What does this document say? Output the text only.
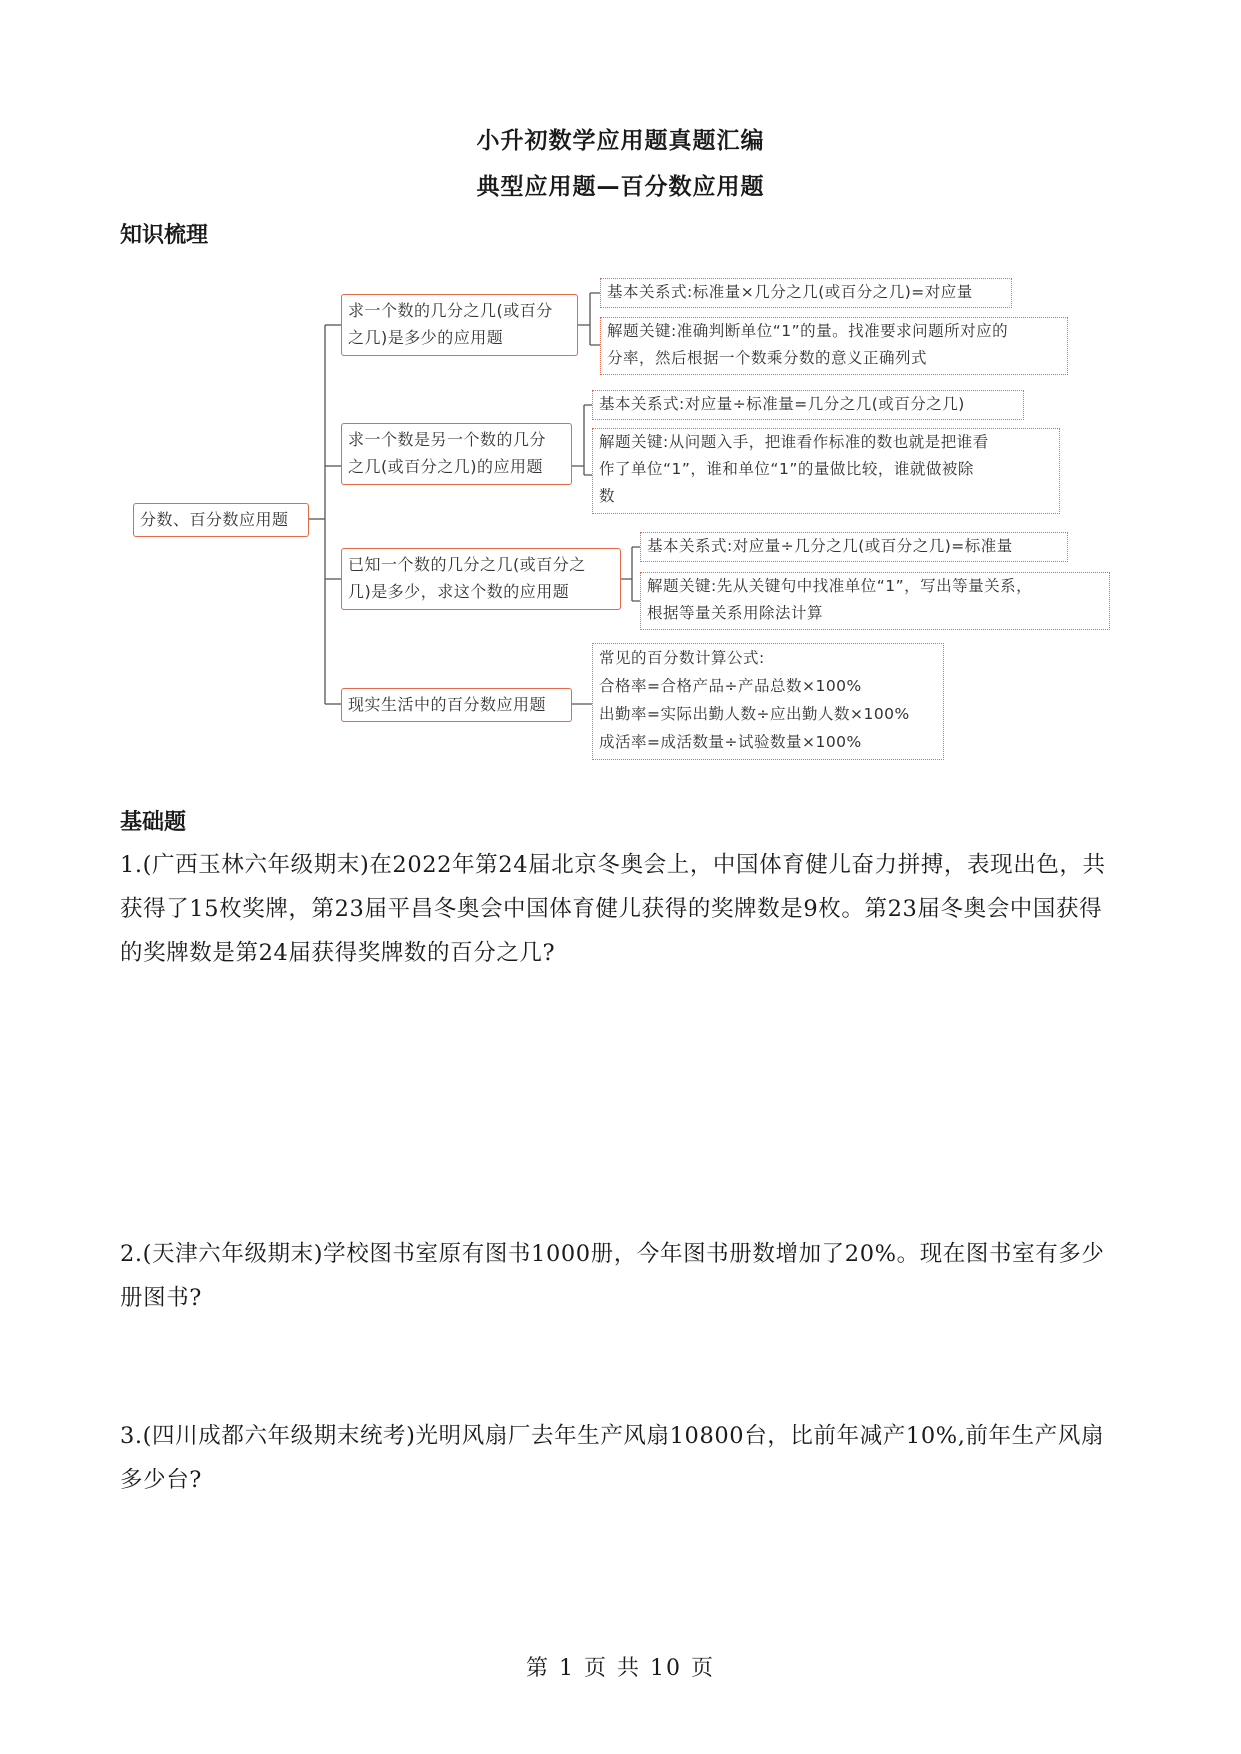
小升初数学应用题真题汇编
典型应用题—百分数应用题
知识梳理
分数、百分数应用题
求一个数的几分之几(或百分
之几)是多少的应用题
基本关系式:标准量×几分之几(或百分之几)=对应量
解题关键:准确判断单位“1”的量。找准要求问题所对应的
分率，然后根据一个数乘分数的意义正确列式
求一个数是另一个数的几分
之几(或百分之几)的应用题
基本关系式:对应量÷标准量=几分之几(或百分之几)
解题关键:从问题入手，把谁看作标准的数也就是把谁看
作了单位“1”，谁和单位“1”的量做比较，谁就做被除
数
已知一个数的几分之几(或百分之
几)是多少，求这个数的应用题
基本关系式:对应量÷几分之几(或百分之几)=标准量
解题关键:先从关键句中找准单位“1”，写出等量关系，
根据等量关系用除法计算
现实生活中的百分数应用题
常见的百分数计算公式:
合格率=合格产品÷产品总数×100%
出勤率=实际出勤人数÷应出勤人数×100%
成活率=成活数量÷试验数量×100%
基础题
1.(广西玉林六年级期末)在2022年第24届北京冬奥会上，中国体育健儿奋力拼搏，表现出色，共获得了15枚奖牌，第23届平昌冬奥会中国体育健儿获得的奖牌数是9枚。第23届冬奥会中国获得的奖牌数是第24届获得奖牌数的百分之几?
2.(天津六年级期末)学校图书室原有图书1000册，今年图书册数增加了20%。现在图书室有多少册图书?
3.(四川成都六年级期末统考)光明风扇厂去年生产风扇10800台，比前年减产10%,前年生产风扇多少台?
第 1 页 共 10 页
